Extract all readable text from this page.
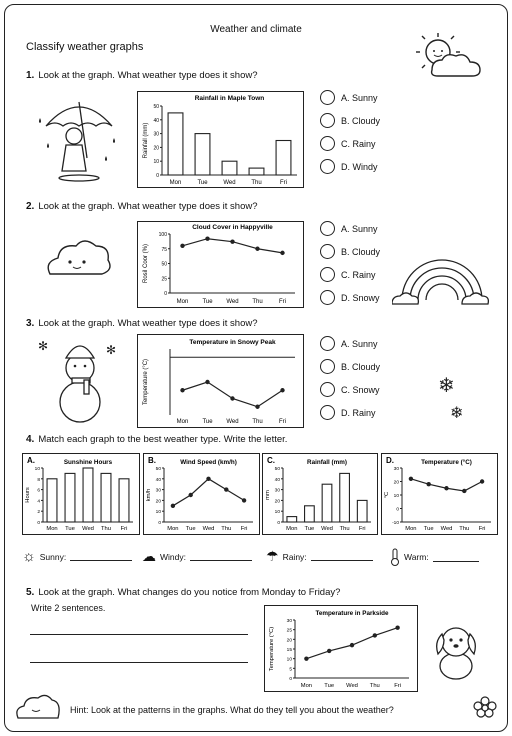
Weather and climate
Classify weather graphs
1. Look at the graph. What weather type does it show?
Rainfall in Maple Town
Rainfall (mm)
0
10
20
30
40
50
Mon	Tue	Wed	Thu	Fri
A. Sunny
B. Cloudy
C. Rainy
D. Windy
2. Look at the graph. What weather type does it show?
Cloud Cover in Happyville
Rosil Coor (%)
0
25
50
75
100
Mon Tue Wed Thu	Fri
A. Sunny
B. Cloudy
C. Rainy
D. Snowy
3. Look at the graph. What weather type does it show?
✻	✻
Temperature in Snowy Peak
Temperature (°C)
Mon Tue Wed Thu	Fri
❄
❄
A. Sunny
B. Cloudy
C. Snowy
D. Rainy
4. Match each graph to the best weather type. Write the letter.
A.	Sunshine Hours
Hours
0
2
4
6
8
10
Mon Tue Wed Thu Fri
B.	Wind Speed (km/h)
km/h
0
10
20
30
40
50
Mon Tue Wed Thu Fri
C.	Rainfall (mm)
mm
0
10
20
30
40
50
Mon Tue Wed Thu Fri
D.	Temperature (°C)
°C
-10
0
10
20
30
Mon Tue Wed Thu Fri
☼ Sunny:	☁ Windy:	☂ Rainy:	Warm:
5. Look at the graph. What changes do you notice from Monday to Friday?
Write 2 sentences.
Temperature in Parkside
Temperature (°C)
0
5
10
15
20
25
30
Mon Tue Wed Thu Fri
Hint: Look at the patterns in the graphs. What do they tell you about the weather?
